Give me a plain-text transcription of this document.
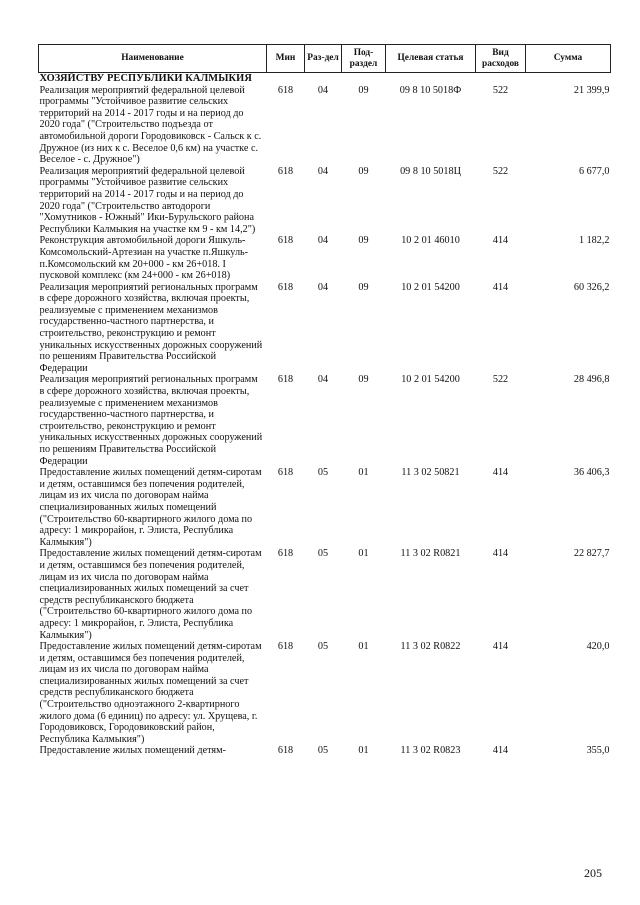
Наименование	Мин	Раз-дел	Под-раздел	Целевая статья	Вид расходов	Сумма
ХОЗЯЙСТВУ РЕСПУБЛИКИ КАЛМЫКИЯ						
Реализация мероприятий федеральной целевой программы "Устойчивое развитие сельских территорий на 2014 - 2017 годы и на период до 2020 года" ("Строительство подъезда от автомобильной дороги Городовиковск - Сальск к с. Дружное (из них к с. Веселое 0,6 км) на участке с. Веселое - с. Дружное")	618	04	09	09 8 10 5018Ф	522	21 399,9
Реализация мероприятий федеральной целевой программы "Устойчивое развитие сельских территорий на 2014 - 2017 годы и на период до 2020 года" ("Строительство автодороги "Хомутников - Южный" Ики-Бурульского района Республики Калмыкия на участке км 9 - км 14,2")	618	04	09	09 8 10 5018Ц	522	6 677,0
Реконструкция автомобильной дороги Яшкуль-Комсомольский-Артезиан на участке п.Яшкуль-п.Комсомольский км 20+000 - км 26+018. I пусковой комплекс (км 24+000 - км 26+018)	618	04	09	10 2 01 46010	414	1 182,2
Реализация мероприятий региональных программ в сфере дорожного хозяйства, включая проекты, реализуемые с применением механизмов государственно-частного партнерства, и строительство, реконструкцию и ремонт уникальных искусственных дорожных сооружений по решениям Правительства Российской Федерации	618	04	09	10 2 01 54200	414	60 326,2
Реализация мероприятий региональных программ в сфере дорожного хозяйства, включая проекты, реализуемые с применением механизмов государственно-частного партнерства, и строительство, реконструкцию и ремонт уникальных искусственных дорожных сооружений по решениям Правительства Российской Федерации	618	04	09	10 2 01 54200	522	28 496,8
Предоставление жилых помещений детям-сиротам и детям, оставшимся без попечения родителей, лицам из их числа по договорам найма специализированных жилых помещений ("Строительство 60-квартирного жилого дома по адресу: 1 микрорайон, г. Элиста, Республика Калмыкия")	618	05	01	11 3 02 50821	414	36 406,3
Предоставление жилых помещений детям-сиротам и детям, оставшимся без попечения родителей, лицам из их числа по договорам найма специализированных жилых помещений за счет средств республиканского бюджета ("Строительство 60-квартирного жилого дома по адресу: 1 микрорайон, г. Элиста, Республика Калмыкия")	618	05	01	11 3 02 R0821	414	22 827,7
Предоставление жилых помещений детям-сиротам и детям, оставшимся без попечения родителей, лицам из их числа по договорам найма специализированных жилых помещений за счет средств республиканского бюджета ("Строительство одноэтажного 2-квартирного жилого дома (6 единиц) по адресу: ул. Хрущева, г. Городовиковск, Городовиковский район, Республика Калмыкия")	618	05	01	11 3 02 R0822	414	420,0
Предоставление жилых помещений детям-	618	05	01	11 3 02 R0823	414	355,0
205
